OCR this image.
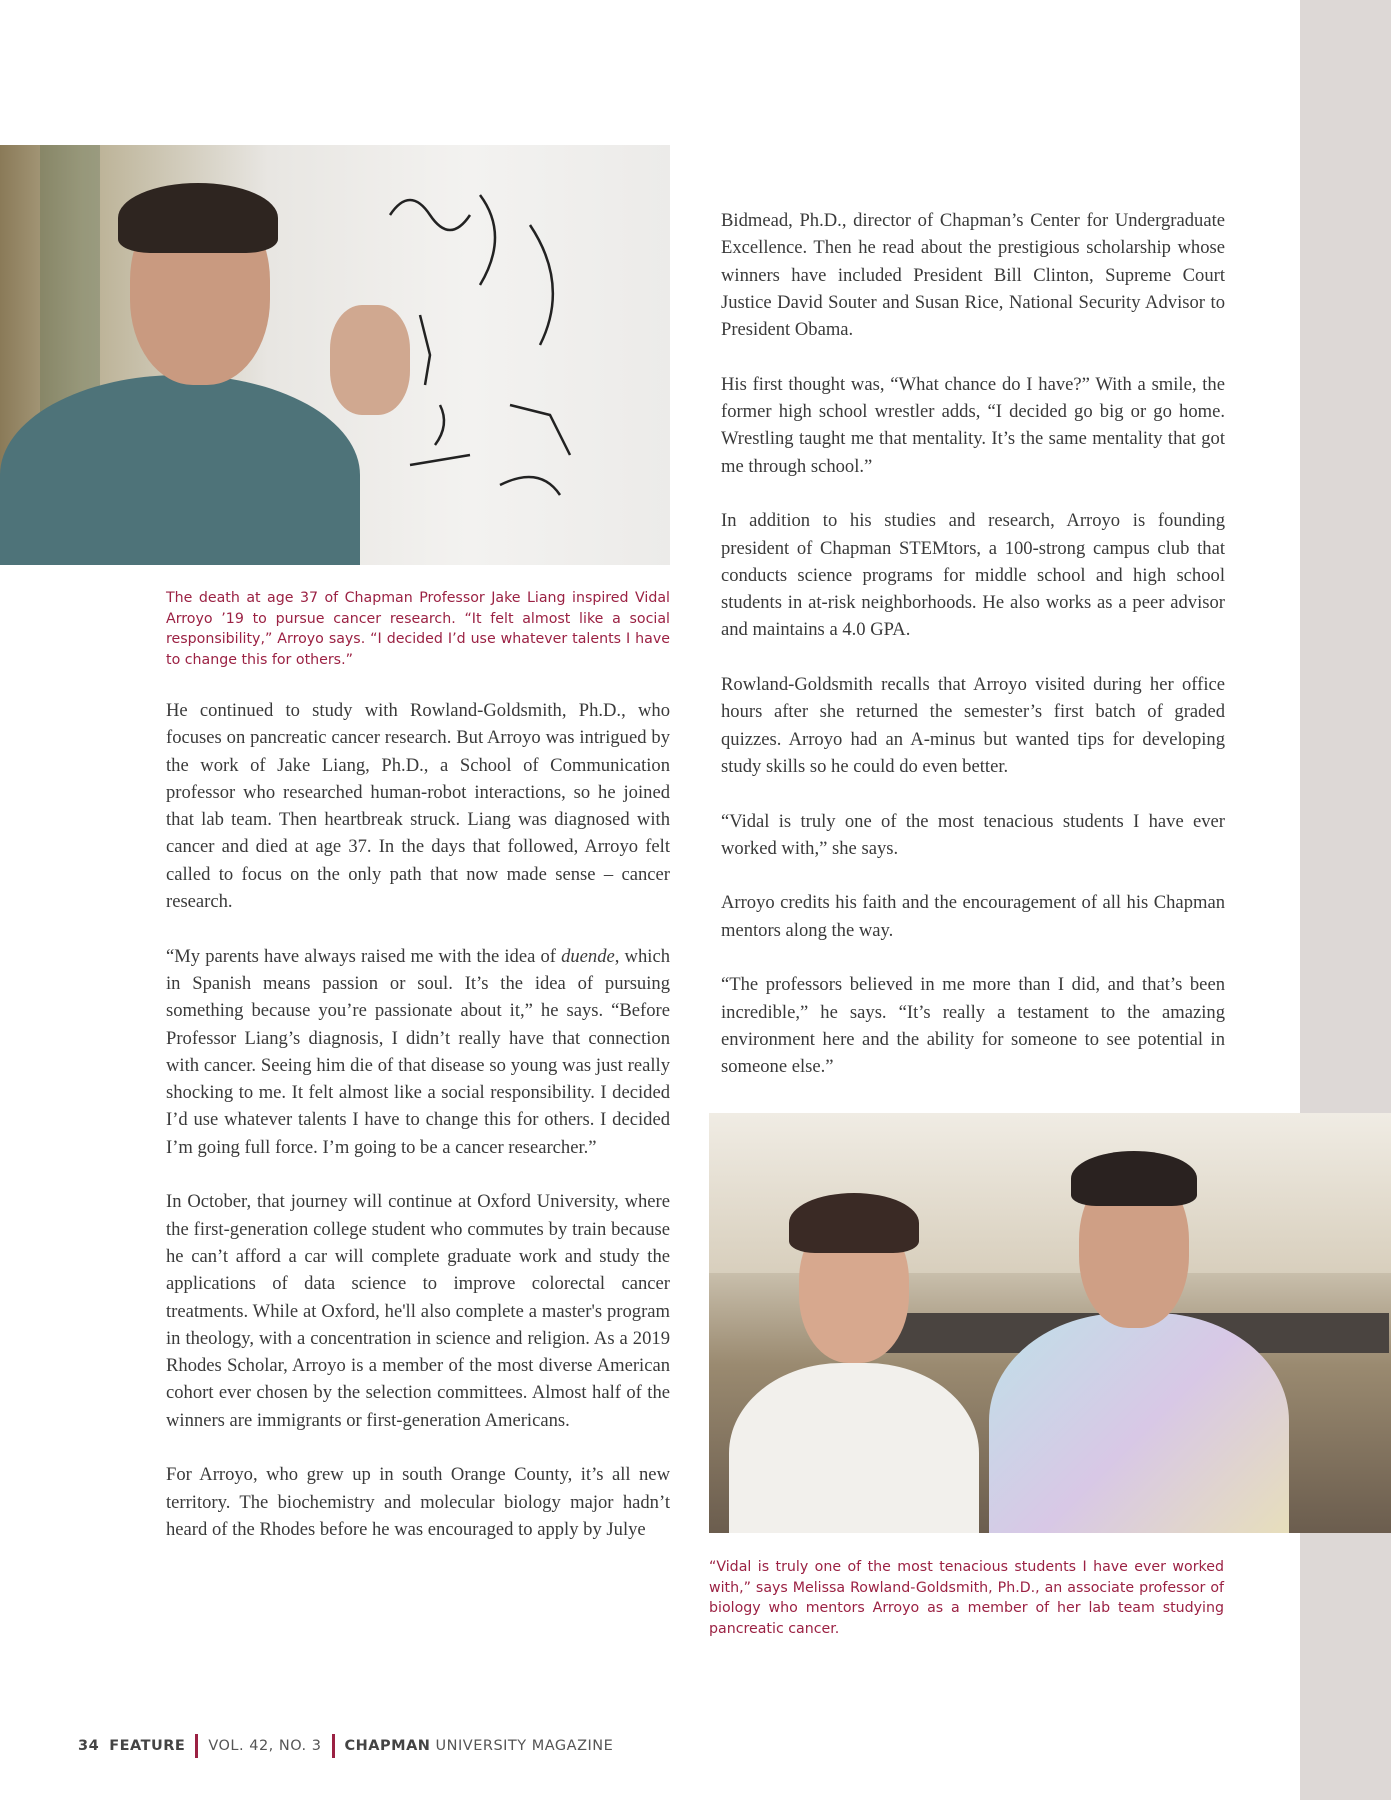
The death at age 37 of Chapman Professor Jake Liang inspired Vidal Arroyo ’19 to pursue cancer research. “It felt almost like a social responsibility,” Arroyo says. “I decided I’d use whatever talents I have to change this for others.”

He continued to study with Rowland-Goldsmith, Ph.D., who focuses on pancreatic cancer research. But Arroyo was intrigued by the work of Jake Liang, Ph.D., a School of Communication professor who researched human-robot interactions, so he joined that lab team. Then heartbreak struck. Liang was diagnosed with cancer and died at age 37. In the days that followed, Arroyo felt called to focus on the only path that now made sense – cancer research.

“My parents have always raised me with the idea of duende, which in Spanish means passion or soul. It’s the idea of pursuing something because you’re passionate about it,” he says. “Before Professor Liang’s diagnosis, I didn’t really have that connection with cancer. Seeing him die of that disease so young was just really shocking to me. It felt almost like a social responsibility. I decided I’d use whatever talents I have to change this for others. I decided I’m going full force. I’m going to be a cancer researcher.”

In October, that journey will continue at Oxford University, where the first-generation college student who commutes by train because he can’t afford a car will complete graduate work and study the applications of data science to improve colorectal cancer treatments. While at Oxford, he'll also complete a master's program in theology, with a concentration in science and religion. As a 2019 Rhodes Scholar, Arroyo is a member of the most diverse American cohort ever chosen by the selection committees. Almost half of the winners are immigrants or first-generation Americans.

For Arroyo, who grew up in south Orange County, it’s all new territory. The biochemistry and molecular biology major hadn’t heard of the Rhodes before he was encouraged to apply by Julye

Bidmead, Ph.D., director of Chapman’s Center for Undergraduate Excellence. Then he read about the prestigious scholarship whose winners have included President Bill Clinton, Supreme Court Justice David Souter and Susan Rice, National Security Advisor to President Obama.

His first thought was, “What chance do I have?” With a smile, the former high school wrestler adds, “I decided go big or go home. Wrestling taught me that mentality. It’s the same mentality that got me through school.”

In addition to his studies and research, Arroyo is founding president of Chapman STEMtors, a 100-strong campus club that conducts science programs for middle school and high school students in at-risk neighborhoods. He also works as a peer advisor and maintains a 4.0 GPA.

Rowland-Goldsmith recalls that Arroyo visited during her office hours after she returned the semester’s first batch of graded quizzes. Arroyo had an A-minus but wanted tips for developing study skills so he could do even better.

“Vidal is truly one of the most tenacious students I have ever worked with,” she says.

Arroyo credits his faith and the encouragement of all his Chapman mentors along the way.

“The professors believed in me more than I did, and that’s been incredible,” he says. “It’s really a testament to the amazing environment here and the ability for someone to see potential in someone else.”

“Vidal is truly one of the most tenacious students I have ever worked with,” says Melissa Rowland-Goldsmith, Ph.D., an associate professor of biology who mentors Arroyo as a member of her lab team studying pancreatic cancer.
34 FEATURE VOL. 42, NO. 3 CHAPMAN UNIVERSITY MAGAZINE
